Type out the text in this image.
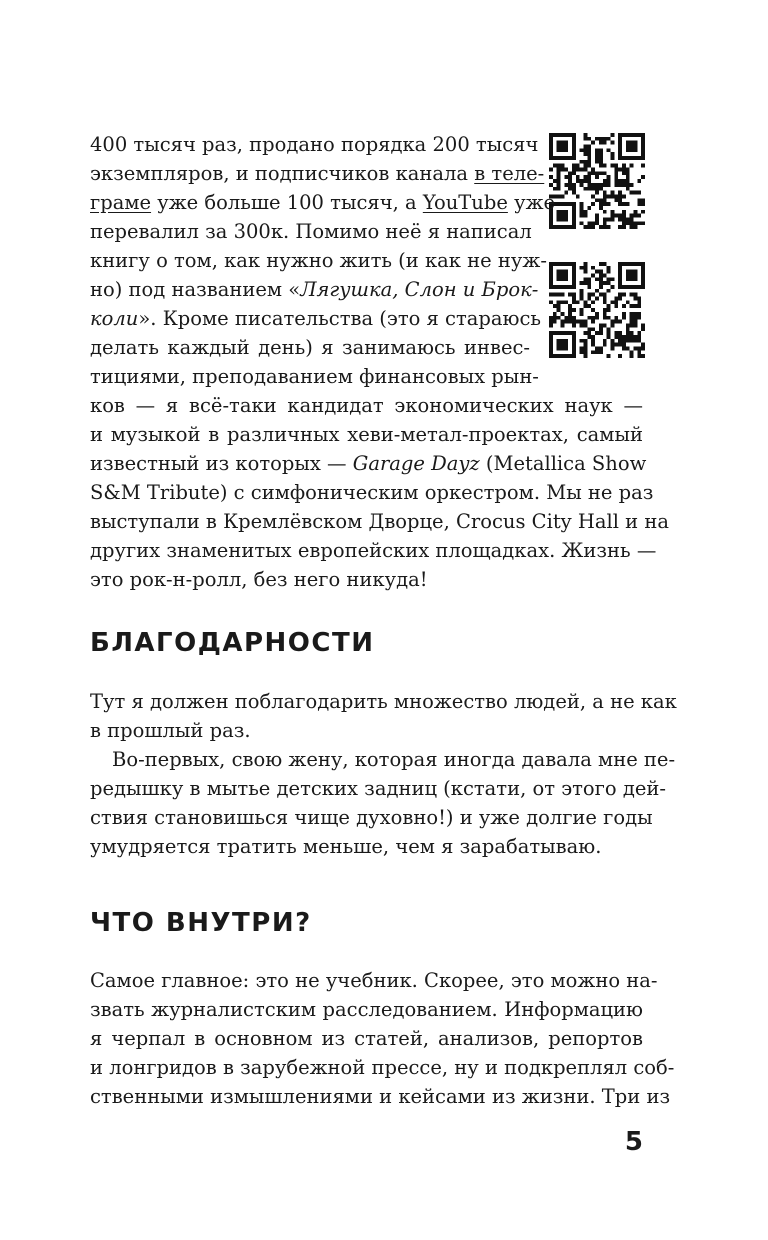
400 тысяч раз, продано порядка 200 тысяч
экземпляров, и подписчиков канала в теле-
граме уже больше 100 тысяч, а YouTube уже
перевалил за 300к. Помимо неё я написал
книгу о том, как нужно жить (и как не нуж-
но) под названием «Лягушка, Слон и Брок-
коли». Кроме писательства (это я стараюсь
делать каждый день) я занимаюсь инвес-
тициями, преподаванием финансовых рын-
ков — я всё-таки кандидат экономических наук —
и музыкой в различных хеви-метал-проектах, самый
известный из которых — Garage Dayz (Metallica Show
S&M Tribute) с симфоническим оркестром. Мы не раз
выступали в Кремлёвском Дворце, Crocus City Hall и на
других знаменитых европейских площадках. Жизнь —
это рок-н-ролл, без него никуда!
БЛАГОДАРНОСТИ
Тут я должен поблагодарить множество людей, а не как
в прошлый раз.
Во-первых, свою жену, которая иногда давала мне пе-
редышку в мытье детских задниц (кстати, от этого дей-
ствия становишься чище духовно!) и уже долгие годы
умудряется тратить меньше, чем я зарабатываю.
ЧТО ВНУТРИ?
Самое главное: это не учебник. Скорее, это можно на-
звать журналистским расследованием. Информацию
я черпал в основном из статей, анализов, репортов
и лонгридов в зарубежной прессе, ну и подкреплял соб-
ственными измышлениями и кейсами из жизни. Три из
5
